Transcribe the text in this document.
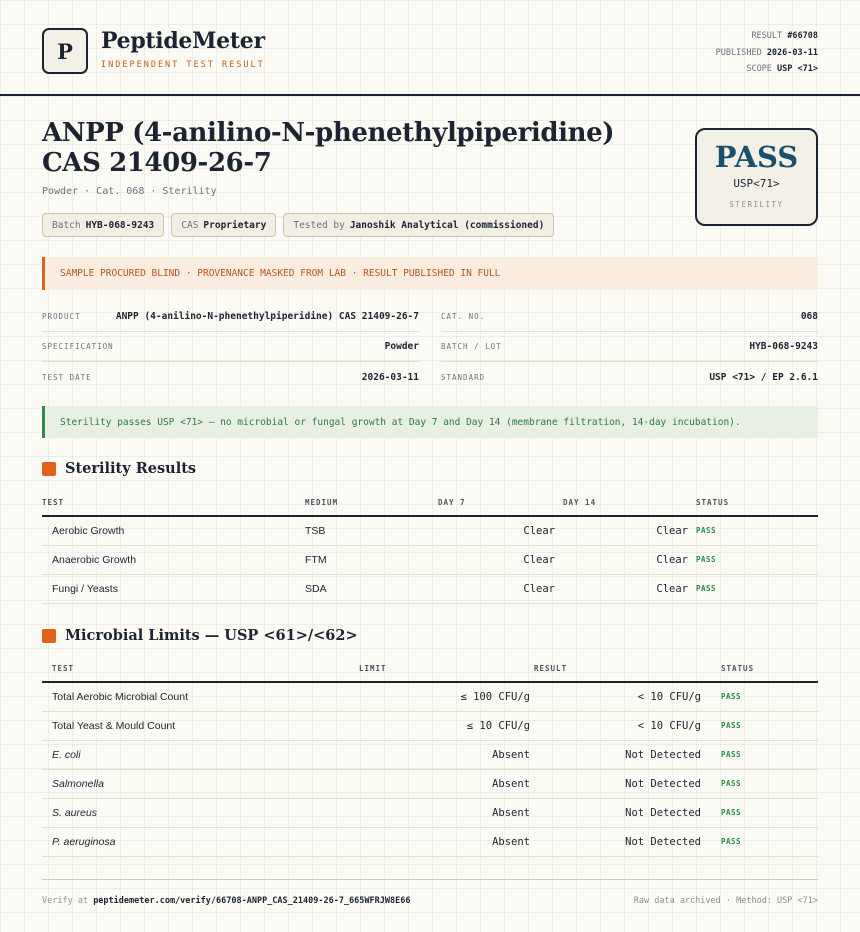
P PeptideMeter
INDEPENDENT TEST RESULT
RESULT #66708
PUBLISHED 2026-03-11
SCOPE USP <71>
ANPP (4-anilino-N-phenethylpiperidine) CAS 21409-26-7
Powder · Cat. 068 · Sterility
Batch HYB-068-9243	CAS Proprietary	Tested by Janoshik Analytical (commissioned)
PASS
USP<71>
STERILITY
SAMPLE PROCURED BLIND · PROVENANCE MASKED FROM LAB · RESULT PUBLISHED IN FULL
PRODUCT	ANPP (4-anilino-N-phenethylpiperidine) CAS 21409-26-7
SPECIFICATION	Powder
TEST DATE	2026-03-11
CAT. NO.	068
BATCH / LOT	HYB-068-9243
STANDARD	USP <71> / EP 2.6.1
Sterility passes USP <71> — no microbial or fungal growth at Day 7 and Day 14 (membrane filtration, 14-day incubation).
Sterility Results
TEST	MEDIUM	DAY 7	DAY 14	STATUS
Aerobic Growth	TSB	Clear	Clear	PASS
Anaerobic Growth	FTM	Clear	Clear	PASS
Fungi / Yeasts	SDA	Clear	Clear	PASS
Microbial Limits — USP <61>/<62>
TEST	LIMIT	RESULT	STATUS
Total Aerobic Microbial Count	≤ 100 CFU/g	< 10 CFU/g	PASS
Total Yeast & Mould Count	≤ 10 CFU/g	< 10 CFU/g	PASS
E. coli	Absent	Not Detected	PASS
Salmonella	Absent	Not Detected	PASS
S. aureus	Absent	Not Detected	PASS
P. aeruginosa	Absent	Not Detected	PASS
Verify at peptidemeter.com/verify/66708-ANPP_CAS_21409-26-7_665WFRJW8E66	Raw data archived · Method: USP <71>
